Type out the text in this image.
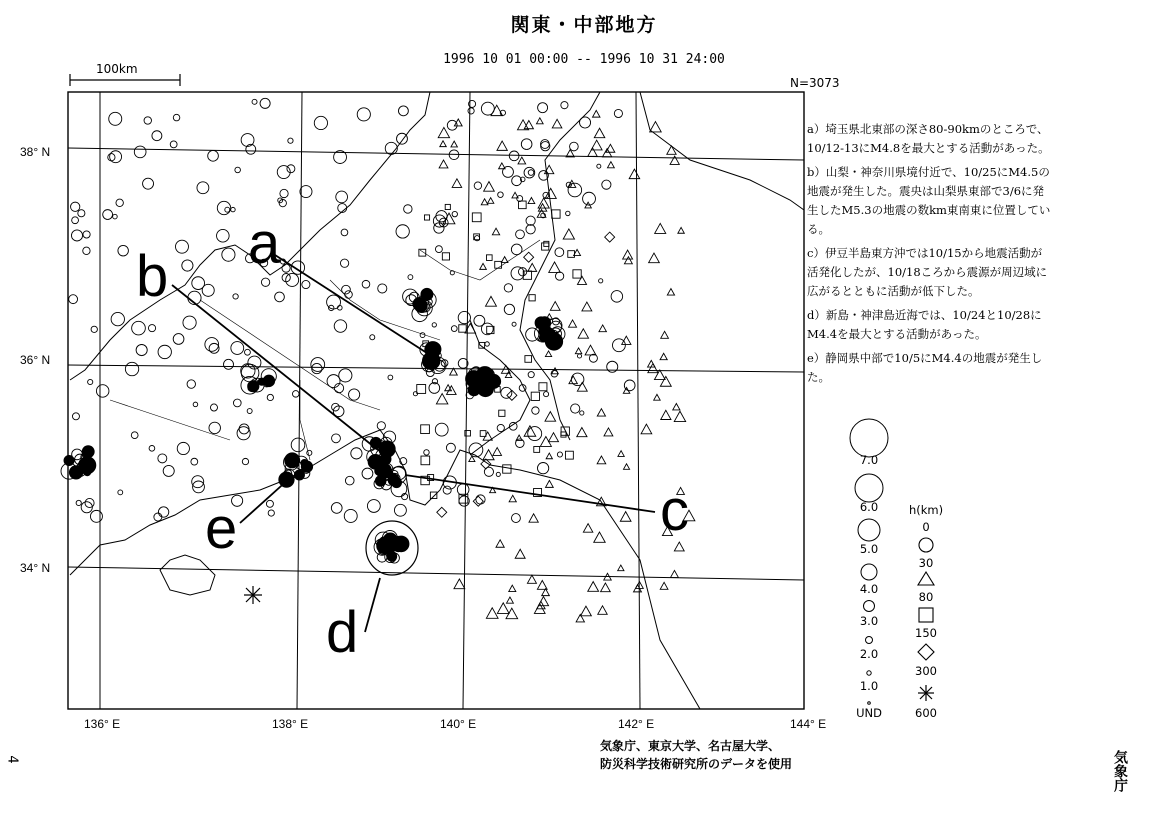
a
b
c
d
e
38° N
36° N
34° N
136° E	138° E	140° E	142° E	144° E
関東・中部地方
1996 10 01 00:00 -- 1996 10 31 24:00
100km
N=3073
a）埼玉県北東部の深さ80-90kmのところで、
10/12-13にM4.8を最大とする活動があった。
b）山梨・神奈川県境付近で、10/25にM4.5の
地震が発生した。震央は山梨県東部で3/6に発
生したM5.3の地震の数km東南東に位置してい
る。
c）伊豆半島東方沖では10/15から地震活動が
活発化したが、10/18ころから震源が周辺域に
広がるとともに活動が低下した。
d）新島・神津島近海では、10/24と10/28に
M4.4を最大とする活動があった。
e）静岡県中部で10/5にM4.4の地震が発生し
た。
7.0
6.0
5.0
4.0
3.0
2.0
1.0
UND
h(km)
0
30
80
150
300
600
気象庁、東京大学、名古屋大学、
防災科学技術研究所のデータを使用
4	気象庁
